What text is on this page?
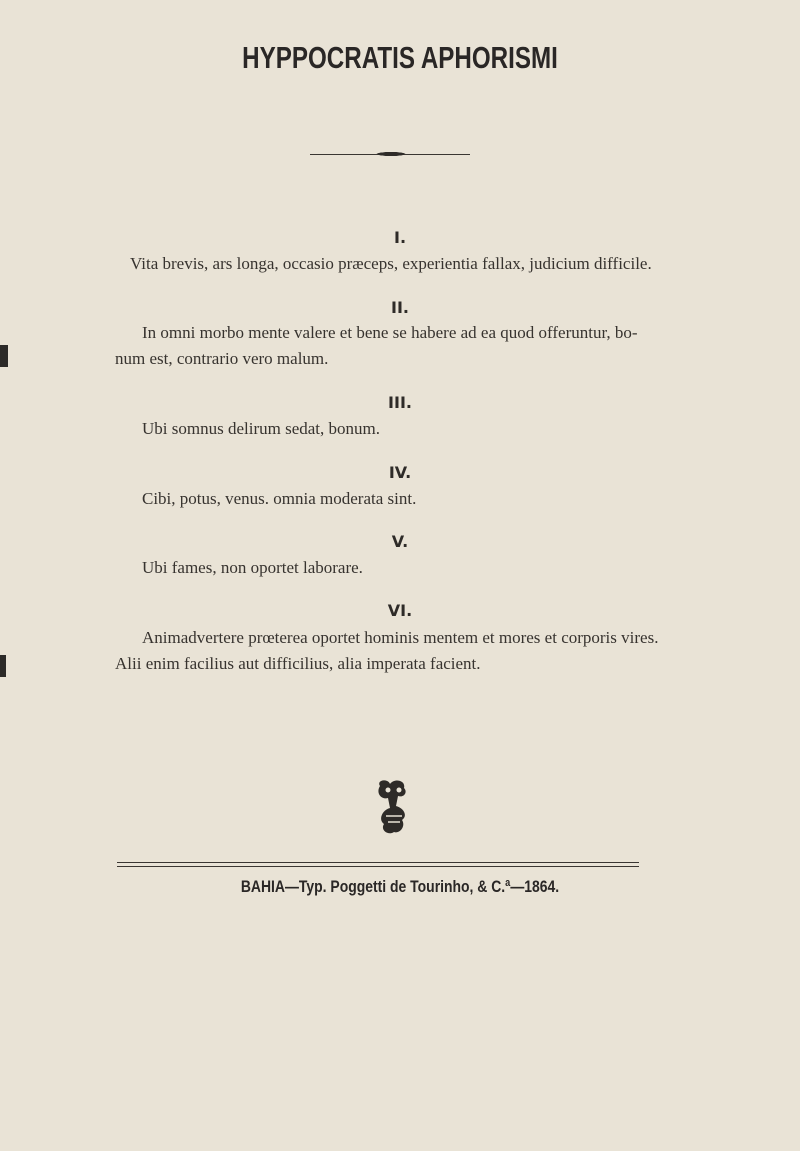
HYPPOCRATIS APHORISMI
I.
Vita brevis, ars longa, occasio præceps, experientia fallax, judicium difficile.
II.
In omni morbo mente valere et bene se habere ad ea quod offeruntur, bo-
num est, contrario vero malum.
III.
Ubi somnus delirum sedat, bonum.
IV.
Cibi, potus, venus. omnia moderata sint.
V.
Ubi fames, non oportet laborare.
VI.
Animadvertere prœterea oportet hominis mentem et mores et corporis vires.
Alii enim facilius aut difficilius, alia imperata facient.
BAHIA—Typ. Poggetti de Tourinho, & C.ª—1864.
